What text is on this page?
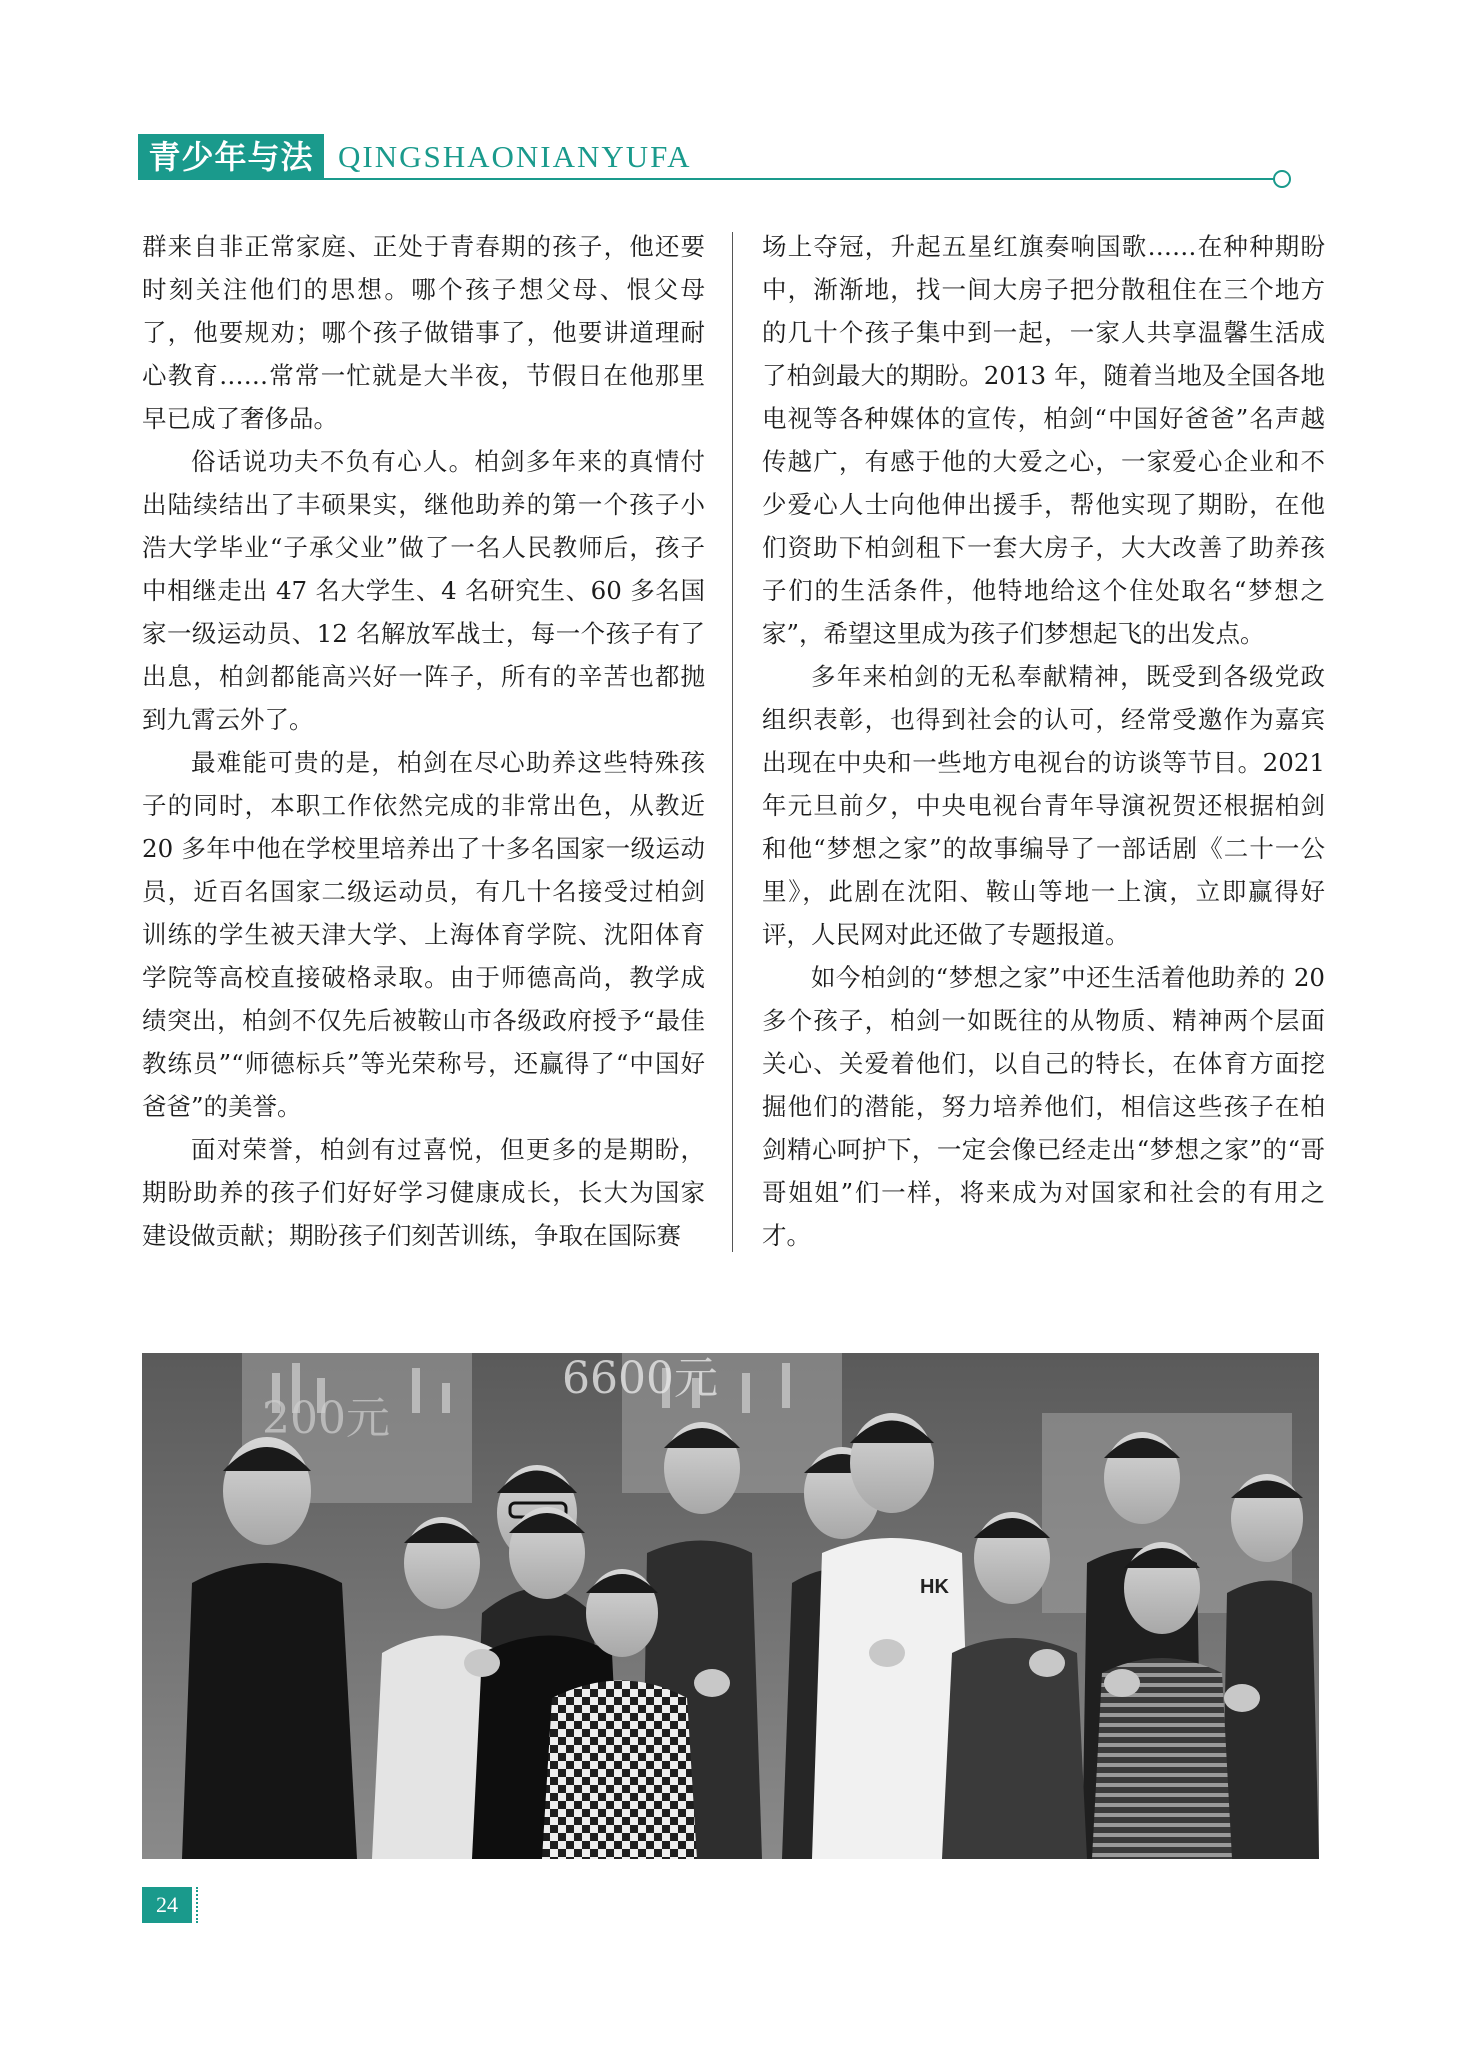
青少年与法 QINGSHAONIANYUFA

群来自非正常家庭、正处于青春期的孩子，他还要时刻关注他们的思想。哪个孩子想父母、恨父母了，他要规劝；哪个孩子做错事了，他要讲道理耐心教育……常常一忙就是大半夜，节假日在他那里早已成了奢侈品。

俗话说功夫不负有心人。柏剑多年来的真情付出陆续结出了丰硕果实，继他助养的第一个孩子小浩大学毕业“子承父业”做了一名人民教师后，孩子中相继走出 47 名大学生、4 名研究生、60 多名国家一级运动员、12 名解放军战士，每一个孩子有了出息，柏剑都能高兴好一阵子，所有的辛苦也都抛到九霄云外了。

最难能可贵的是，柏剑在尽心助养这些特殊孩子的同时，本职工作依然完成的非常出色，从教近 20 多年中他在学校里培养出了十多名国家一级运动员，近百名国家二级运动员，有几十名接受过柏剑训练的学生被天津大学、上海体育学院、沈阳体育学院等高校直接破格录取。由于师德高尚，教学成绩突出，柏剑不仅先后被鞍山市各级政府授予“最佳教练员”“师德标兵”等光荣称号，还赢得了“中国好爸爸”的美誉。

面对荣誉，柏剑有过喜悦，但更多的是期盼，期盼助养的孩子们好好学习健康成长，长大为国家建设做贡献；期盼孩子们刻苦训练，争取在国际赛

场上夺冠，升起五星红旗奏响国歌……在种种期盼中，渐渐地，找一间大房子把分散租住在三个地方的几十个孩子集中到一起，一家人共享温馨生活成了柏剑最大的期盼。2013 年，随着当地及全国各地电视等各种媒体的宣传，柏剑“中国好爸爸”名声越传越广，有感于他的大爱之心，一家爱心企业和不少爱心人士向他伸出援手，帮他实现了期盼，在他们资助下柏剑租下一套大房子，大大改善了助养孩子们的生活条件，他特地给这个住处取名“梦想之家”，希望这里成为孩子们梦想起飞的出发点。

多年来柏剑的无私奉献精神，既受到各级党政组织表彰，也得到社会的认可，经常受邀作为嘉宾出现在中央和一些地方电视台的访谈等节目。2021 年元旦前夕，中央电视台青年导演祝贺还根据柏剑和他“梦想之家”的故事编导了一部话剧《二十一公里》，此剧在沈阳、鞍山等地一上演，立即赢得好评，人民网对此还做了专题报道。

如今柏剑的“梦想之家”中还生活着他助养的 20 多个孩子，柏剑一如既往的从物质、精神两个层面关心、关爱着他们，以自己的特长，在体育方面挖掘他们的潜能，努力培养他们，相信这些孩子在柏剑精心呵护下，一定会像已经走出“梦想之家”的“哥哥姐姐”们一样，将来成为对国家和社会的有用之才。

200元
6600元
HK
24
